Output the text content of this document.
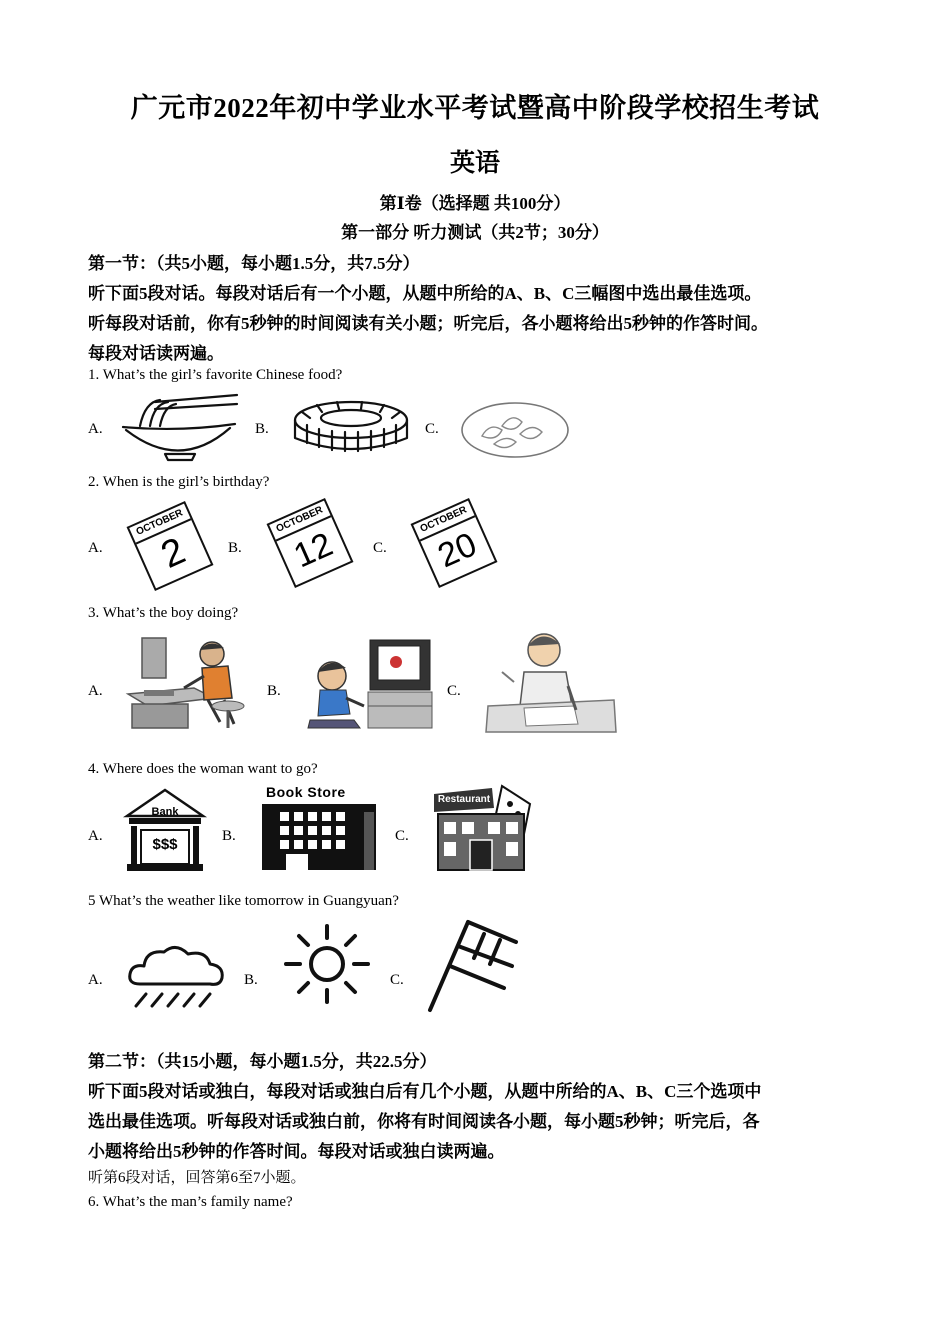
广元市2022年初中学业水平考试暨高中阶段学校招生考试
英语
第Ⅰ卷（选择题 共100分）
第一部分 听力测试（共2节；30分）
第一节：（共5小题，每小题1.5分，共7.5分）
听下面5段对话。每段对话后有一个小题，从题中所给的A、B、C三幅图中选出最佳选项。
听每段对话前，你有5秒钟的时间阅读有关小题；听完后，各小题将给出5秒钟的作答时间。
每段对话读两遍。
1. What’s the girl’s favorite Chinese food?
A.	B.	C.
2. When is the girl’s birthday?
A.	B.	C.
OCTOBER
2
OCTOBER
12
OCTOBER
20
3. What’s the boy doing?
A.	B.	C.
4. Where does the woman want to go?
A.	B.	C.
Bank
$$$
Book Store	Restaurant
5 What’s the weather like tomorrow in Guangyuan?
A.	B.	C.
第二节：（共15小题，每小题1.5分，共22.5分）
听下面5段对话或独白，每段对话或独白后有几个小题，从题中所给的A、B、C三个选项中
选出最佳选项。听每段对话或独白前，你将有时间阅读各小题，每小题5秒钟；听完后，各
小题将给出5秒钟的作答时间。每段对话或独白读两遍。
听第6段对话，回答第6至7小题。
6. What’s the man’s family name?
